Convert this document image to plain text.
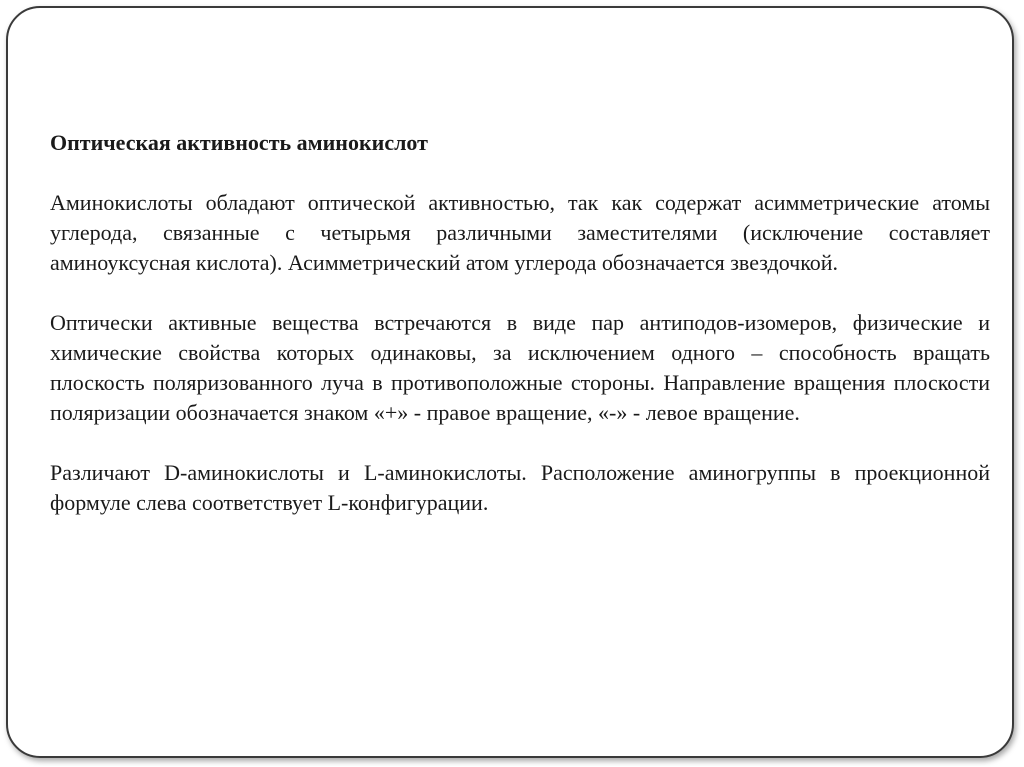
Оптическая активность аминокислот

Аминокислоты обладают оптической активностью, так как содержат асимметрические атомы углерода, связанные с четырьмя различными заместителями (исключение составляет аминоуксусная кислота). Асимметрический атом углерода обозначается звездочкой.

Оптически активные вещества встречаются в виде пар антиподов-изомеров, физические и химические свойства которых одинаковы, за исключением одного – способность вращать плоскость поляризованного луча в противоположные стороны. Направление вращения плоскости поляризации обозначается знаком «+» - правое вращение, «-» - левое вращение.

Различают D-аминокислоты и L-аминокислоты. Расположение аминогруппы в проекционной формуле слева соответствует L-конфигурации.
